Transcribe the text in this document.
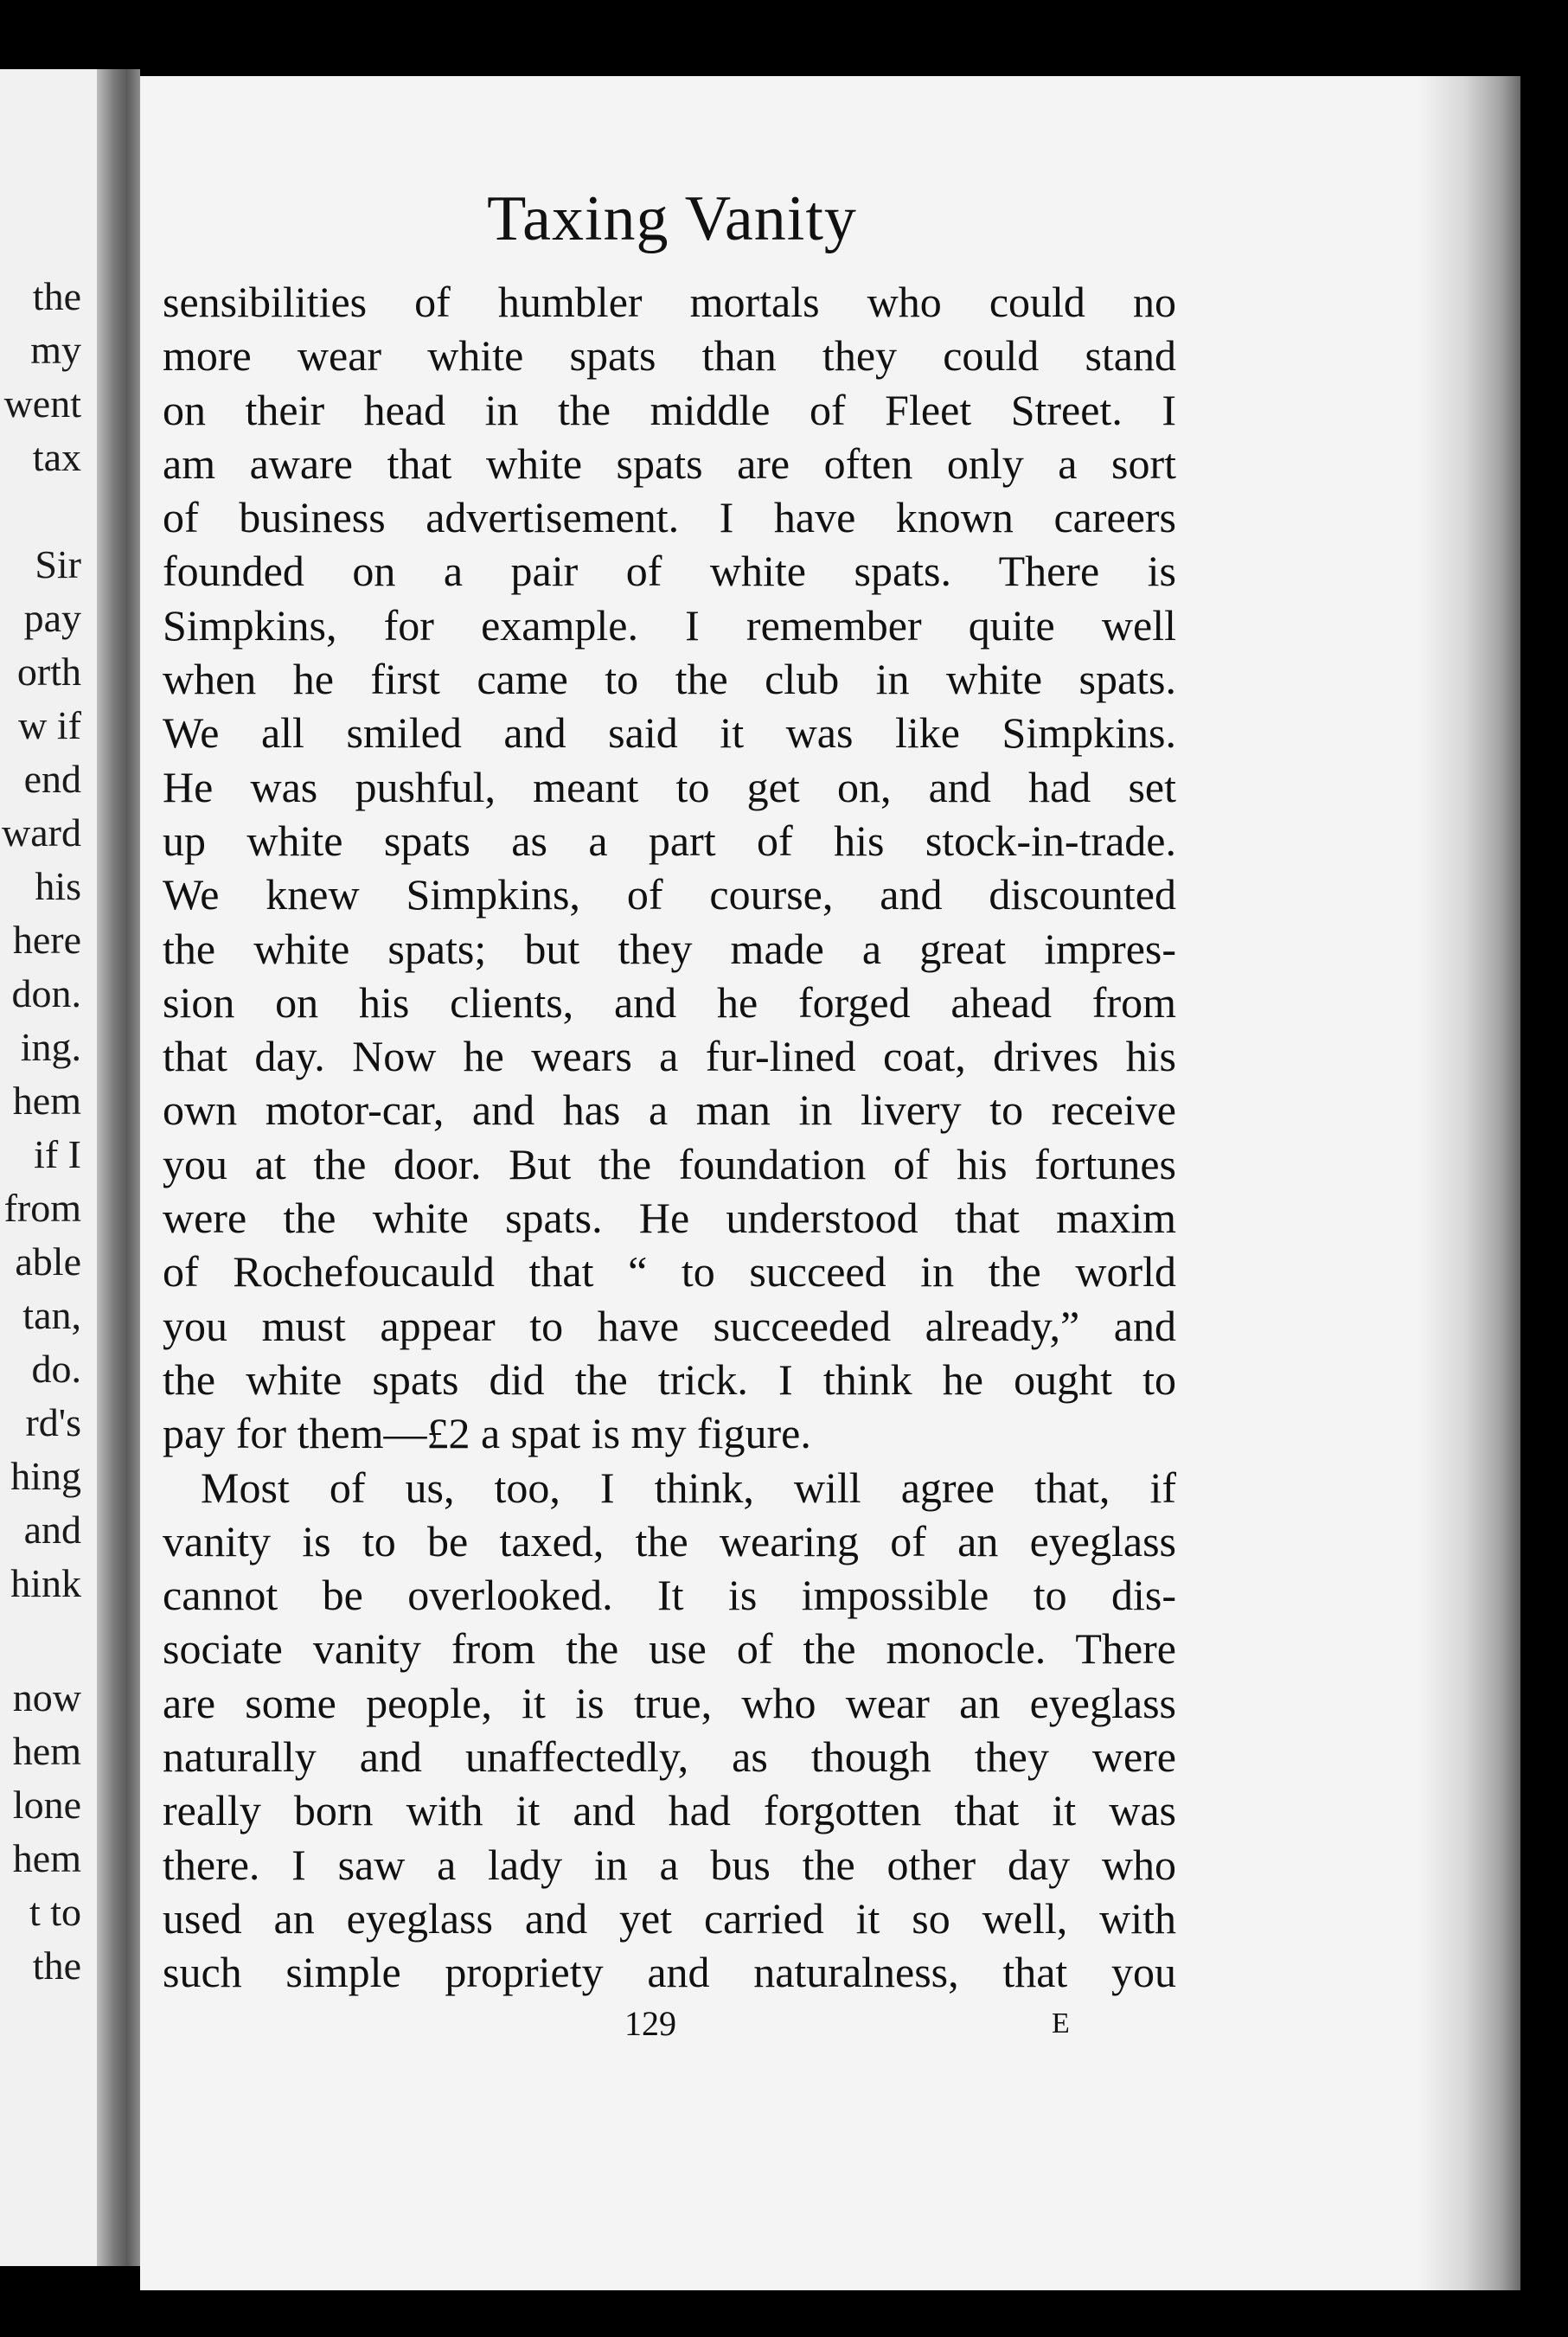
the
my
went
tax
Sir
pay
orth
w if
end
ward
his
here
don.
ing.
hem
if I
from
able
tan,
do.
rd's
hing
and
hink
now
hem
lone
hem
t to
the
Taxing Vanity
sensibilities of humbler mortals who could no
more wear white spats than they could stand
on their head in the middle of Fleet Street. I
am aware that white spats are often only a sort
of business advertisement. I have known careers
founded on a pair of white spats. There is
Simpkins, for example. I remember quite well
when he first came to the club in white spats.
We all smiled and said it was like Simpkins.
He was pushful, meant to get on, and had set
up white spats as a part of his stock-in-trade.
We knew Simpkins, of course, and discounted
the white spats; but they made a great impres-
sion on his clients, and he forged ahead from
that day. Now he wears a fur-lined coat, drives his
own motor-car, and has a man in livery to receive
you at the door. But the foundation of his fortunes
were the white spats. He understood that maxim
of Rochefoucauld that “ to succeed in the world
you must appear to have succeeded already,” and
the white spats did the trick. I think he ought to
pay for them—£2 a spat is my figure.
Most of us, too, I think, will agree that, if
vanity is to be taxed, the wearing of an eyeglass
cannot be overlooked. It is impossible to dis-
sociate vanity from the use of the monocle. There
are some people, it is true, who wear an eyeglass
naturally and unaffectedly, as though they were
really born with it and had forgotten that it was
there. I saw a lady in a bus the other day who
used an eyeglass and yet carried it so well, with
such simple propriety and naturalness, that you
129	E
